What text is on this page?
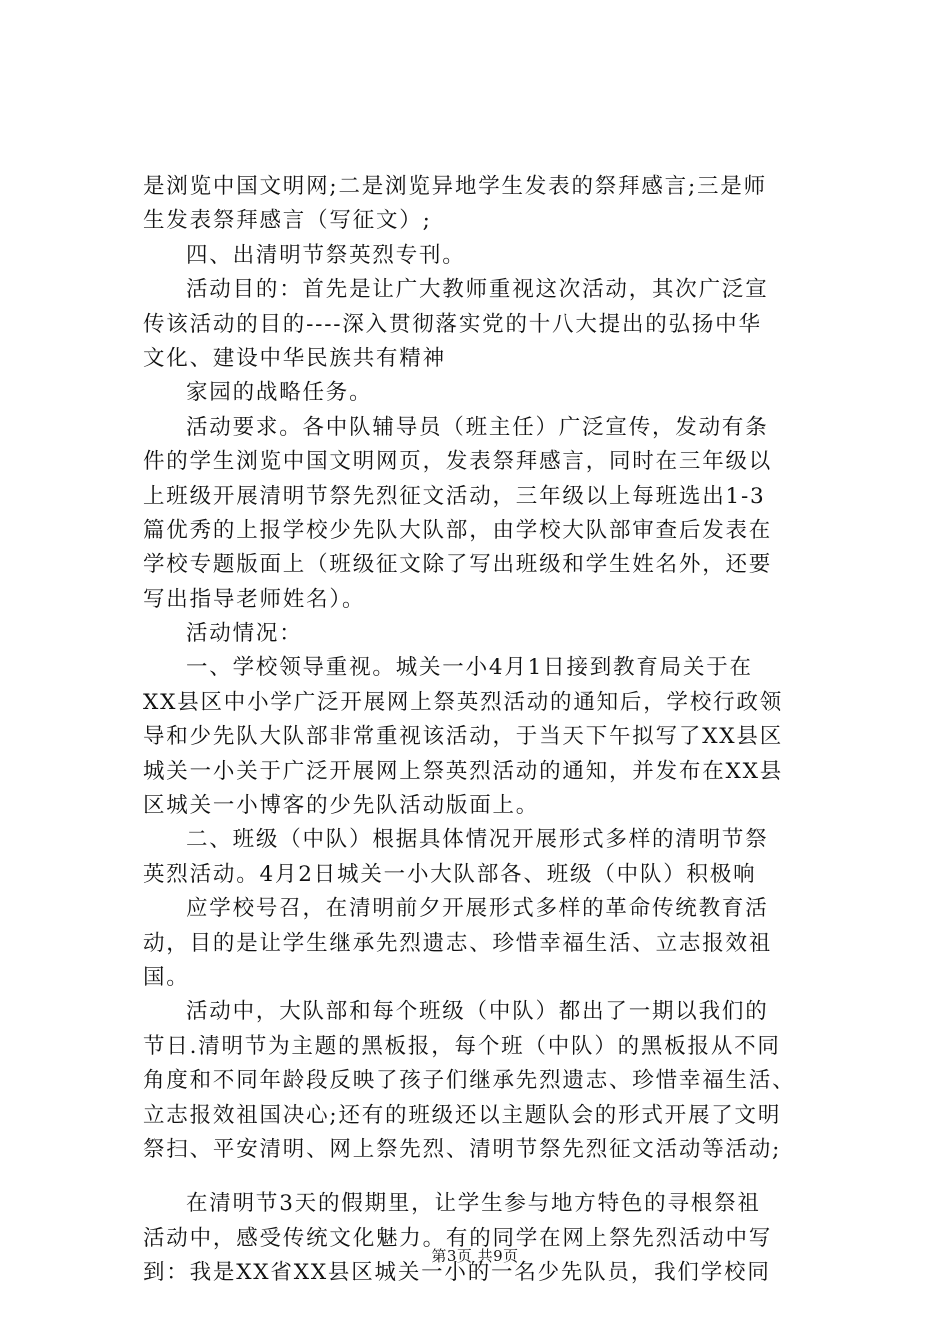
是浏览中国文明网;二是浏览异地学生发表的祭拜感言;三是师
生发表祭拜感言（写征文）;
四、出清明节祭英烈专刊。
活动目的：首先是让广大教师重视这次活动，其次广泛宣
传该活动的目的----深入贯彻落实党的十八大提出的弘扬中华
文化、建设中华民族共有精神
家园的战略任务。
活动要求。各中队辅导员（班主任）广泛宣传，发动有条
件的学生浏览中国文明网页，发表祭拜感言，同时在三年级以
上班级开展清明节祭先烈征文活动，三年级以上每班选出1-3
篇优秀的上报学校少先队大队部，由学校大队部审查后发表在
学校专题版面上（班级征文除了写出班级和学生姓名外，还要
写出指导老师姓名）。
活动情况：
一、学校领导重视。城关一小4月1日接到教育局关于在
XX县区中小学广泛开展网上祭英烈活动的通知后，学校行政领
导和少先队大队部非常重视该活动，于当天下午拟写了XX县区
城关一小关于广泛开展网上祭英烈活动的通知，并发布在XX县
区城关一小博客的少先队活动版面上。
二、班级（中队）根据具体情况开展形式多样的清明节祭
英烈活动。4月2日城关一小大队部各、班级（中队）积极响
应学校号召，在清明前夕开展形式多样的革命传统教育活
动，目的是让学生继承先烈遗志、珍惜幸福生活、立志报效祖
国。
活动中，大队部和每个班级（中队）都出了一期以我们的
节日.清明节为主题的黑板报，每个班（中队）的黑板报从不同
角度和不同年龄段反映了孩子们继承先烈遗志、珍惜幸福生活、
立志报效祖国决心;还有的班级还以主题队会的形式开展了文明
祭扫、平安清明、网上祭先烈、清明节祭先烈征文活动等活动;
在清明节3天的假期里，让学生参与地方特色的寻根祭祖
活动中，感受传统文化魅力。有的同学在网上祭先烈活动中写
到：我是XX省XX县区城关一小的一名少先队员，我们学校同
第3页 共9页
